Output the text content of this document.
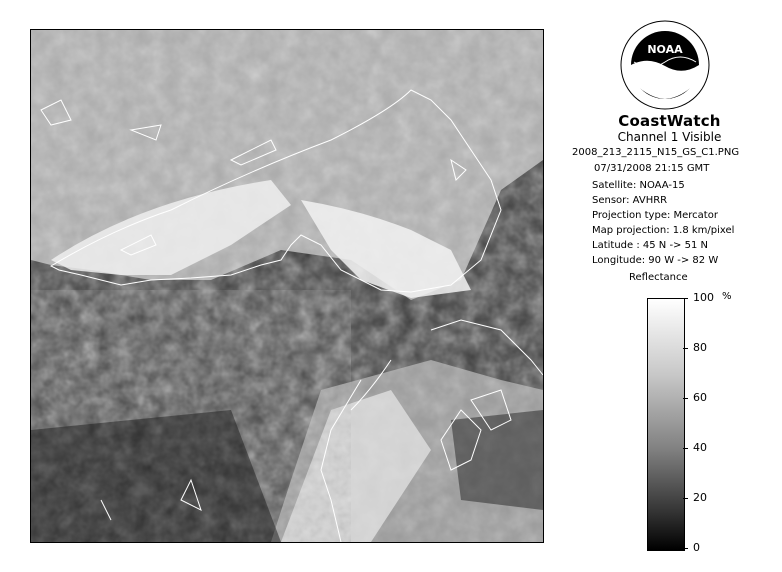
NOAA
CoastWatch
Channel 1 Visible
2008_213_2115_N15_GS_C1.PNG
07/31/2008 21:15 GMT
Satellite: NOAA-15
Sensor: AVHRR
Projection type: Mercator
Map projection: 1.8 km/pixel
Latitude : 45 N -> 51 N
Longitude: 90 W -> 82 W
Reflectance
%
100
80
60
40
20
0
